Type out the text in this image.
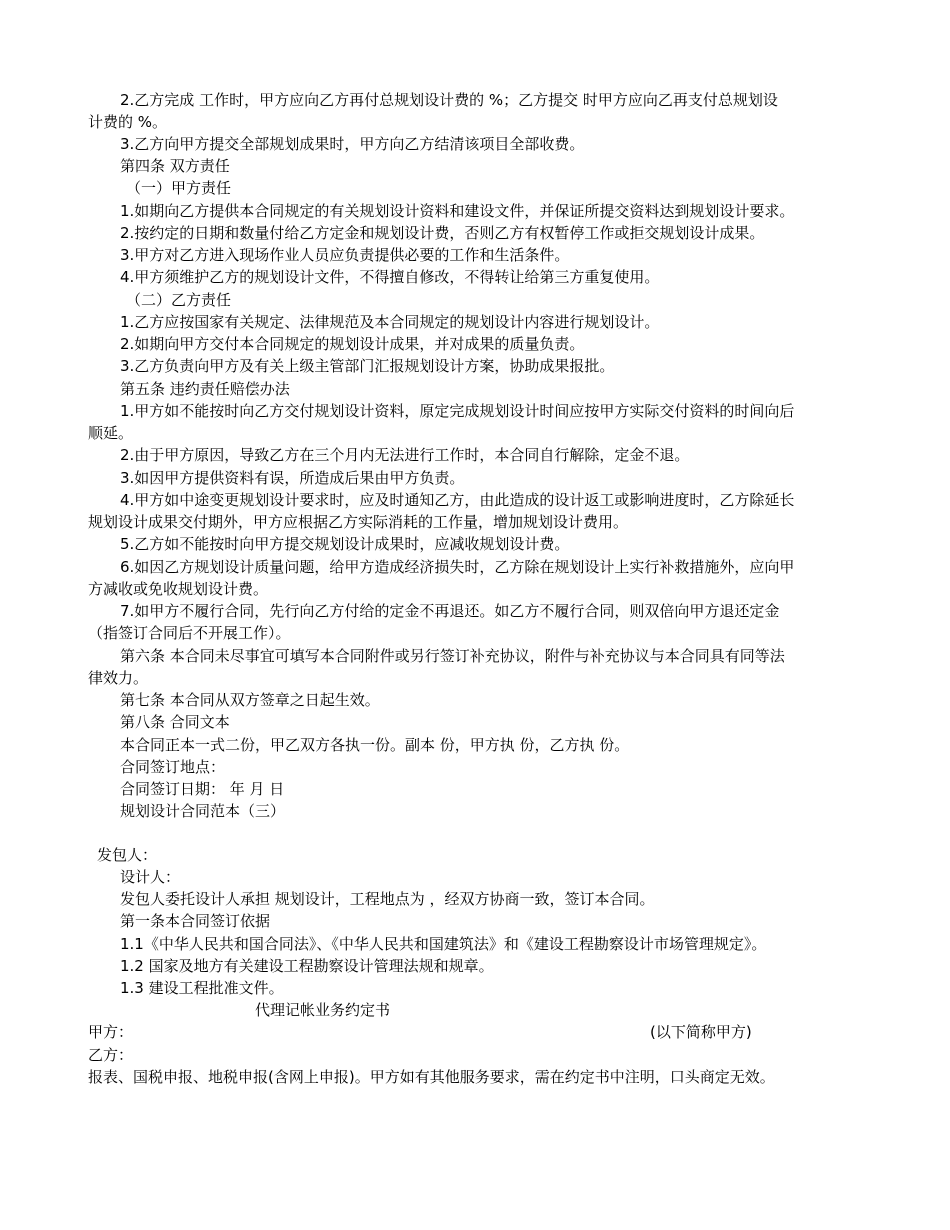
2.乙方完成 工作时，甲方应向乙方再付总规划设计费的 %；乙方提交 时甲方应向乙再支付总规划设
计费的 %。
3.乙方向甲方提交全部规划成果时，甲方向乙方结清该项目全部收费。
第四条 双方责任
（一）甲方责任
1.如期向乙方提供本合同规定的有关规划设计资料和建设文件，并保证所提交资料达到规划设计要求。
2.按约定的日期和数量付给乙方定金和规划设计费，否则乙方有权暂停工作或拒交规划设计成果。
3.甲方对乙方进入现场作业人员应负责提供必要的工作和生活条件。
4.甲方须维护乙方的规划设计文件，不得擅自修改，不得转让给第三方重复使用。
（二）乙方责任
1.乙方应按国家有关规定、法律规范及本合同规定的规划设计内容进行规划设计。
2.如期向甲方交付本合同规定的规划设计成果，并对成果的质量负责。
3.乙方负责向甲方及有关上级主管部门汇报规划设计方案，协助成果报批。
第五条 违约责任赔偿办法
1.甲方如不能按时向乙方交付规划设计资料，原定完成规划设计时间应按甲方实际交付资料的时间向后
顺延。
2.由于甲方原因，导致乙方在三个月内无法进行工作时，本合同自行解除，定金不退。
3.如因甲方提供资料有误，所造成后果由甲方负责。
4.甲方如中途变更规划设计要求时，应及时通知乙方，由此造成的设计返工或影响进度时，乙方除延长
规划设计成果交付期外，甲方应根据乙方实际消耗的工作量，增加规划设计费用。
5.乙方如不能按时向甲方提交规划设计成果时，应减收规划设计费。
6.如因乙方规划设计质量问题，给甲方造成经济损失时，乙方除在规划设计上实行补救措施外，应向甲
方减收或免收规划设计费。
7.如甲方不履行合同，先行向乙方付给的定金不再退还。如乙方不履行合同，则双倍向甲方退还定金
（指签订合同后不开展工作）。
第六条 本合同未尽事宜可填写本合同附件或另行签订补充协议，附件与补充协议与本合同具有同等法
律效力。
第七条 本合同从双方签章之日起生效。
第八条 合同文本
本合同正本一式二份，甲乙双方各执一份。副本 份，甲方执 份，乙方执 份。
合同签订地点：
合同签订日期： 年 月 日
规划设计合同范本（三）
发包人：
设计人：
发包人委托设计人承担 规划设计，工程地点为 ，经双方协商一致，签订本合同。
第一条本合同签订依据
1.1《中华人民共和国合同法》、《中华人民共和国建筑法》和《建设工程勘察设计市场管理规定》。
1.2 国家及地方有关建设工程勘察设计管理法规和规章。
1.3 建设工程批准文件。
代理记帐业务约定书
甲方：	(以下简称甲方)
乙方：
报表、国税申报、地税申报(含网上申报)。甲方如有其他服务要求，需在约定书中注明，口头商定无效。
